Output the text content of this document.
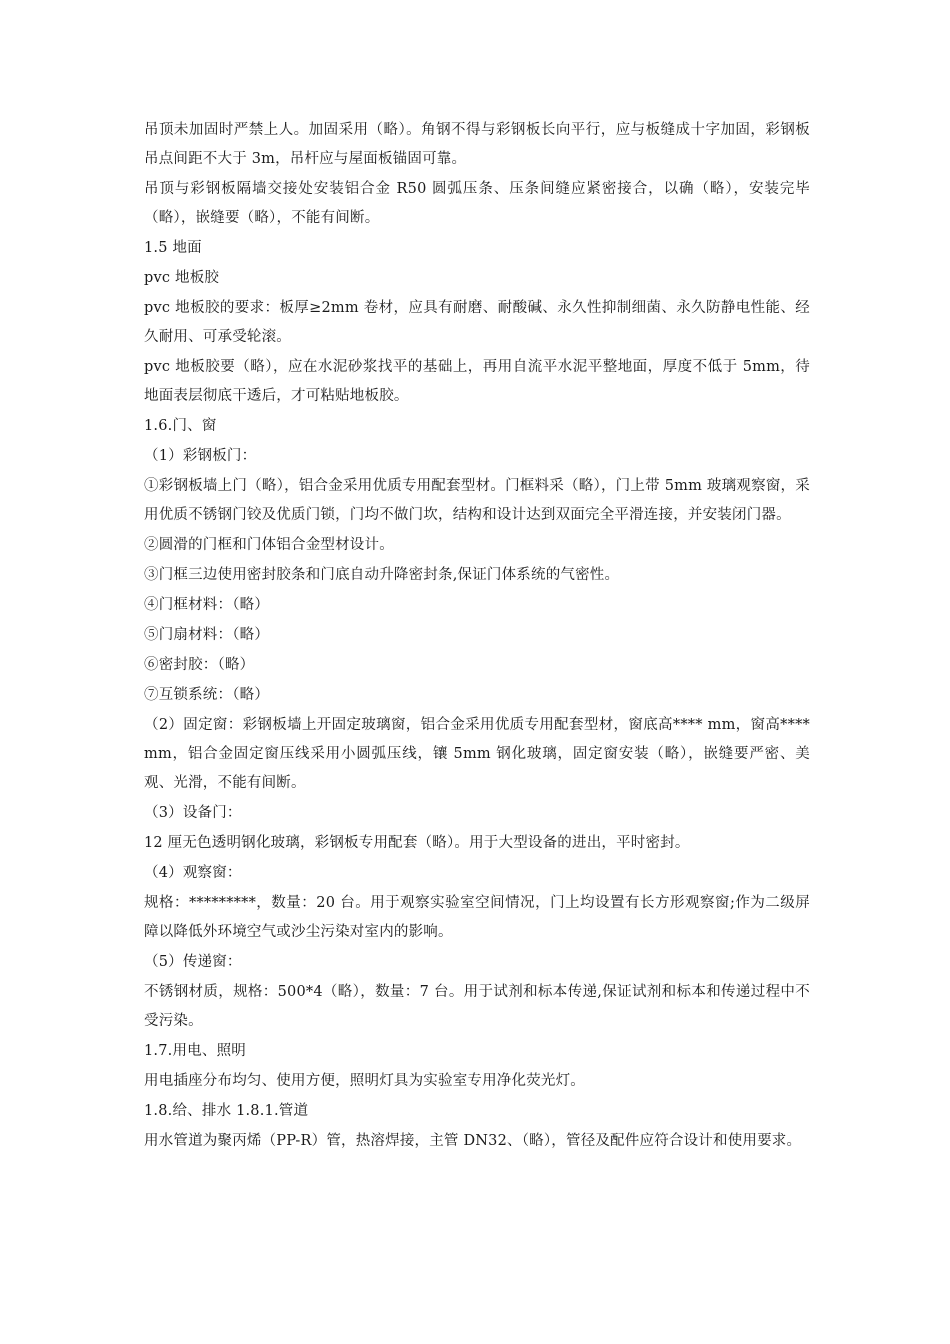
吊顶未加固时严禁上人。加固采用（略）。角钢不得与彩钢板长向平行，应与板缝成十字加固，彩钢板吊点间距不大于 3m，吊杆应与屋面板锚固可靠。

吊顶与彩钢板隔墙交接处安装铝合金 R50 圆弧压条、压条间缝应紧密接合，以确（略），安装完毕（略），嵌缝要（略），不能有间断。

1.5 地面

pvc 地板胶

pvc 地板胶的要求：板厚≥2mm 卷材，应具有耐磨、耐酸碱、永久性抑制细菌、永久防静电性能、经久耐用、可承受轮滚。

pvc 地板胶要（略），应在水泥砂浆找平的基础上，再用自流平水泥平整地面，厚度不低于 5mm，待地面表层彻底干透后，才可粘贴地板胶。

1.6.门、窗

（1）彩钢板门：

①彩钢板墙上门（略），铝合金采用优质专用配套型材。门框料采（略），门上带 5mm 玻璃观察窗，采用优质不锈钢门铰及优质门锁，门均不做门坎，结构和设计达到双面完全平滑连接，并安装闭门器。

②圆滑的门框和门体铝合金型材设计。

③门框三边使用密封胶条和门底自动升降密封条,保证门体系统的气密性。

④门框材料：（略）

⑤门扇材料：（略）

⑥密封胶：（略）

⑦互锁系统：（略）

（2）固定窗：彩钢板墙上开固定玻璃窗，铝合金采用优质专用配套型材，窗底高**** mm，窗高**** mm，铝合金固定窗压线采用小圆弧压线，镶 5mm 钢化玻璃，固定窗安装（略），嵌缝要严密、美观、光滑，不能有间断。

（3）设备门：

12 厘无色透明钢化玻璃，彩钢板专用配套（略）。用于大型设备的进出，平时密封。

（4）观察窗：

规格：*********，数量：20 台。用于观察实验室空间情况，门上均设置有长方形观察窗;作为二级屏障以降低外环境空气或沙尘污染对室内的影响。

（5）传递窗：

不锈钢材质，规格：500*4（略），数量：7 台。用于试剂和标本传递,保证试剂和标本和传递过程中不受污染。

1.7.用电、照明

用电插座分布均匀、使用方便，照明灯具为实验室专用净化荧光灯。

1.8.给、排水 1.8.1.管道

用水管道为聚丙烯（PP-R）管，热溶焊接，主管 DN32、（略），管径及配件应符合设计和使用要求。
